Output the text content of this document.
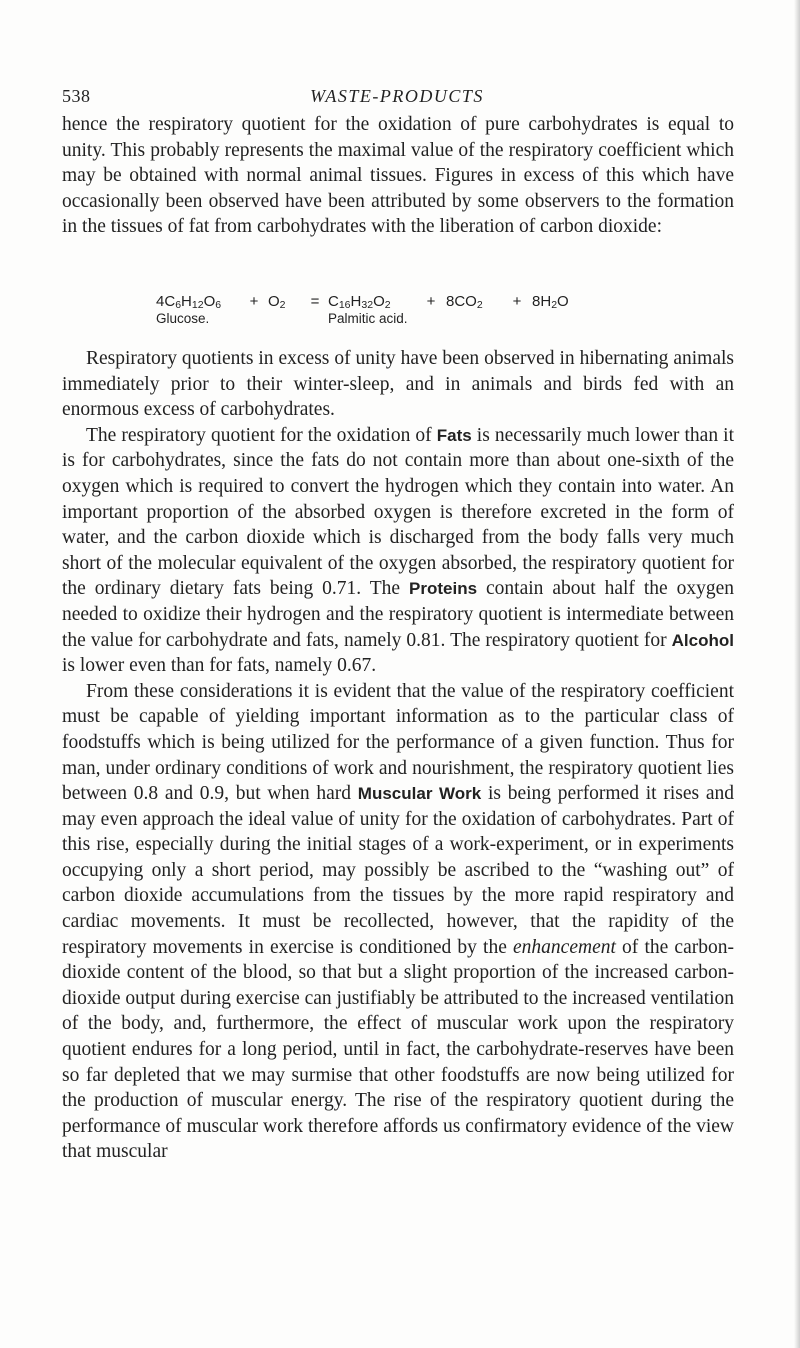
538	WASTE-PRODUCTS

hence the respiratory quotient for the oxidation of pure carbohydrates is equal to unity. This probably represents the maximal value of the respiratory coefficient which may be obtained with normal animal tissues. Figures in excess of this which have occasionally been observed have been attributed by some observers to the formation in the tissues of fat from carbohydrates with the liberation of carbon dioxide:

$4C_6H_{12}O_6$	+ $O_2$	= $C_{16}H_{32}O_2$	+ $8CO_2$	+ $8H_2O$
Glucose.	Palmitic acid.

Respiratory quotients in excess of unity have been observed in hibernating animals immediately prior to their winter-sleep, and in animals and birds fed with an enormous excess of carbohydrates.

The respiratory quotient for the oxidation of Fats is necessarily much lower than it is for carbohydrates, since the fats do not contain more than about one-sixth of the oxygen which is required to convert the hydrogen which they contain into water. An important proportion of the absorbed oxygen is therefore excreted in the form of water, and the carbon dioxide which is discharged from the body falls very much short of the molecular equivalent of the oxygen absorbed, the respiratory quotient for the ordinary dietary fats being 0.71. The Proteins contain about half the oxygen needed to oxidize their hydrogen and the respiratory quotient is intermediate between the value for carbohydrate and fats, namely 0.81. The respiratory quotient for Alcohol is lower even than for fats, namely 0.67.

From these considerations it is evident that the value of the respiratory coefficient must be capable of yielding important information as to the particular class of foodstuffs which is being utilized for the performance of a given function. Thus for man, under ordinary conditions of work and nourishment, the respiratory quotient lies between 0.8 and 0.9, but when hard Muscular Work is being performed it rises and may even approach the ideal value of unity for the oxidation of carbohydrates. Part of this rise, especially during the initial stages of a work-experiment, or in experiments occupying only a short period, may possibly be ascribed to the “washing out” of carbon dioxide accumulations from the tissues by the more rapid respiratory and cardiac movements. It must be recollected, however, that the rapidity of the respiratory movements in exercise is conditioned by the enhancement of the carbon-dioxide content of the blood, so that but a slight proportion of the increased carbon-dioxide output during exercise can justifiably be attributed to the increased ventilation of the body, and, furthermore, the effect of muscular work upon the respiratory quotient endures for a long period, until in fact, the carbohydrate-reserves have been so far depleted that we may surmise that other foodstuffs are now being utilized for the production of muscular energy. The rise of the respiratory quotient during the performance of muscular work therefore affords us confirmatory evidence of the view that muscular
